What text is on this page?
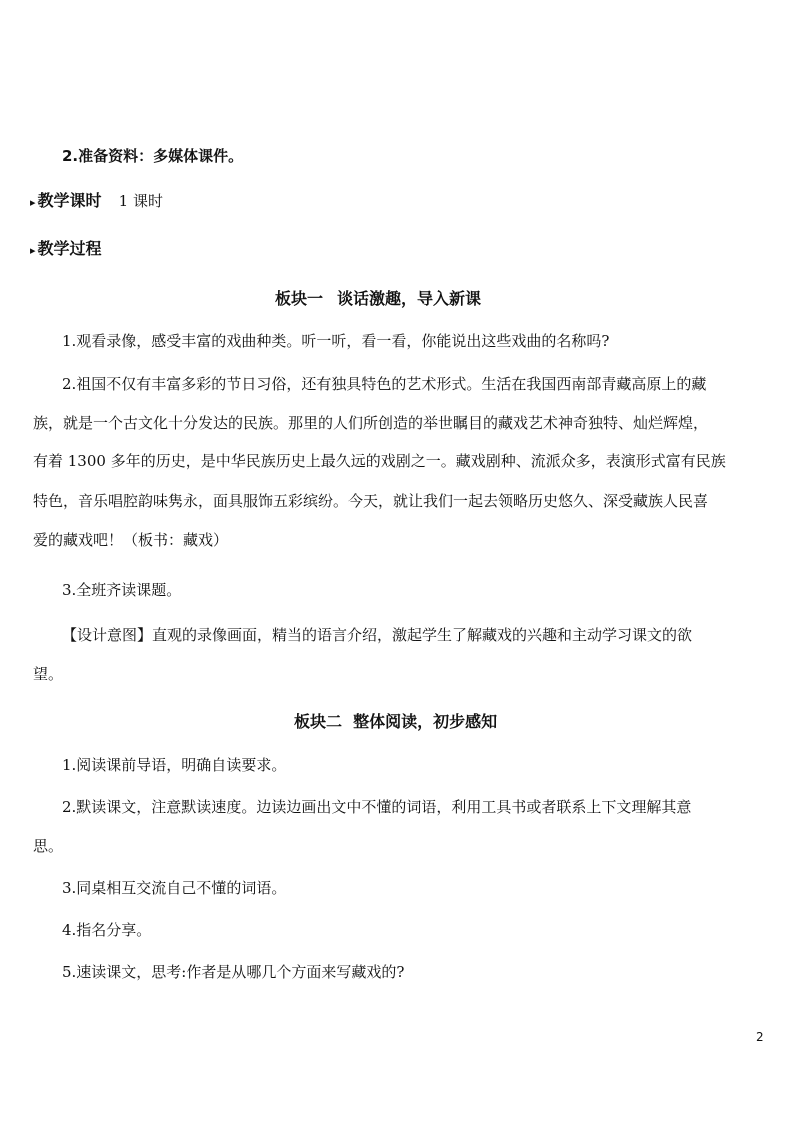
2.准备资料：多媒体课件。
▸ 教学课时 1 课时
▸ 教学过程
板块一 谈话激趣，导入新课
1.观看录像，感受丰富的戏曲种类。听一听，看一看，你能说出这些戏曲的名称吗?
2.祖国不仅有丰富多彩的节日习俗，还有独具特色的艺术形式。生活在我国西南部青藏高原上的藏
族，就是一个古文化十分发达的民族。那里的人们所创造的举世瞩目的藏戏艺术神奇独特、灿烂辉煌，
有着 1300 多年的历史，是中华民族历史上最久远的戏剧之一。藏戏剧种、流派众多，表演形式富有民族
特色，音乐唱腔韵味隽永，面具服饰五彩缤纷。今天，就让我们一起去领略历史悠久、深受藏族人民喜
爱的藏戏吧！（板书：藏戏）
3.全班齐读课题。
【设计意图】直观的录像画面，精当的语言介绍，激起学生了解藏戏的兴趣和主动学习课文的欲
望。
板块二  整体阅读，初步感知
1.阅读课前导语，明确自读要求。
2.默读课文，注意默读速度。边读边画出文中不懂的词语，利用工具书或者联系上下文理解其意
思。
3.同桌相互交流自己不懂的词语。
4.指名分享。
5.速读课文，思考:作者是从哪几个方面来写藏戏的?
2
